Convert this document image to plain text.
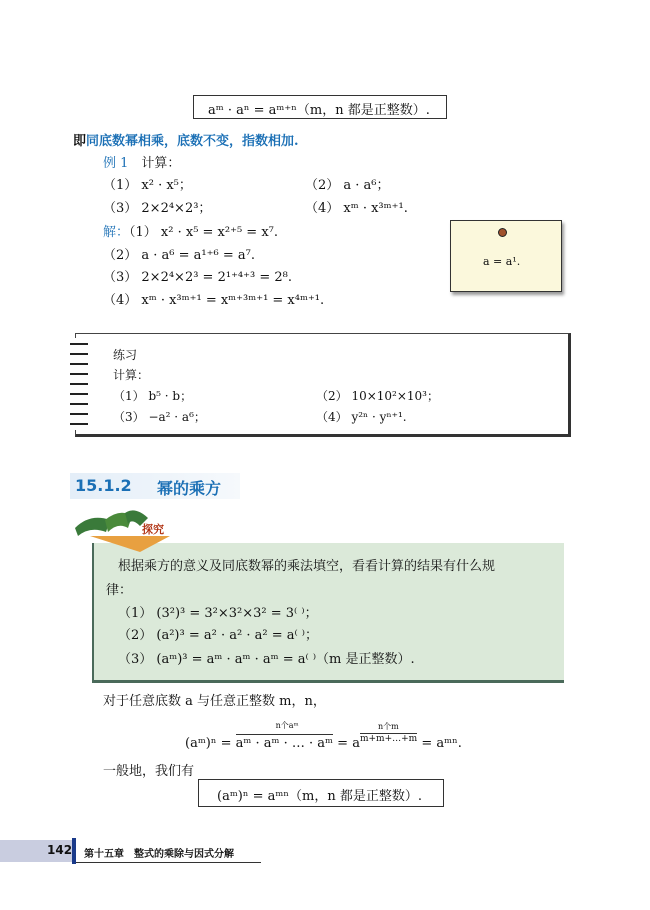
aᵐ · aⁿ = aᵐ⁺ⁿ（m，n 都是正整数）.
即同底数幂相乘，底数不变，指数相加.
例 1　 计算：
（1） x² · x⁵；	（2） a · a⁶；
（3） 2×2⁴×2³；	（4） xᵐ · x³ᵐ⁺¹.
解：（1） x² · x⁵ = x²⁺⁵ = x⁷.
（2） a · a⁶ = a¹⁺⁶ = a⁷.
（3） 2×2⁴×2³ = 2¹⁺⁴⁺³ = 2⁸.
（4） xᵐ · x³ᵐ⁺¹ = xᵐ⁺³ᵐ⁺¹ = x⁴ᵐ⁺¹.
a = a¹.
练习
计算：
（1） b⁵ · b；	（2） 10×10²×10³；
（3） −a² · a⁶；	（4） y²ⁿ · yⁿ⁺¹.
15.1.2 幂的乘方
根据乘方的意义及同底数幂的乘法填空，看看计算的结果有什么规
律：
（1） (3²)³ = 3²×3²×3² = 3⁽ ⁾；
（2） (a²)³ = a² · a² · a² = a⁽ ⁾；
（3） (aᵐ)³ = aᵐ · aᵐ · aᵐ = a⁽ ⁾（m 是正整数）.
探究
对于任意底数 a 与任意正整数 m，n，
(aᵐ)ⁿ =
n个aᵐ
aᵐ · aᵐ · … · aᵐ = a
n个m
m+m+…+m = aᵐⁿ.
一般地，我们有
(aᵐ)ⁿ = aᵐⁿ（m，n 都是正整数）.
142 第十五章　整式的乘除与因式分解
